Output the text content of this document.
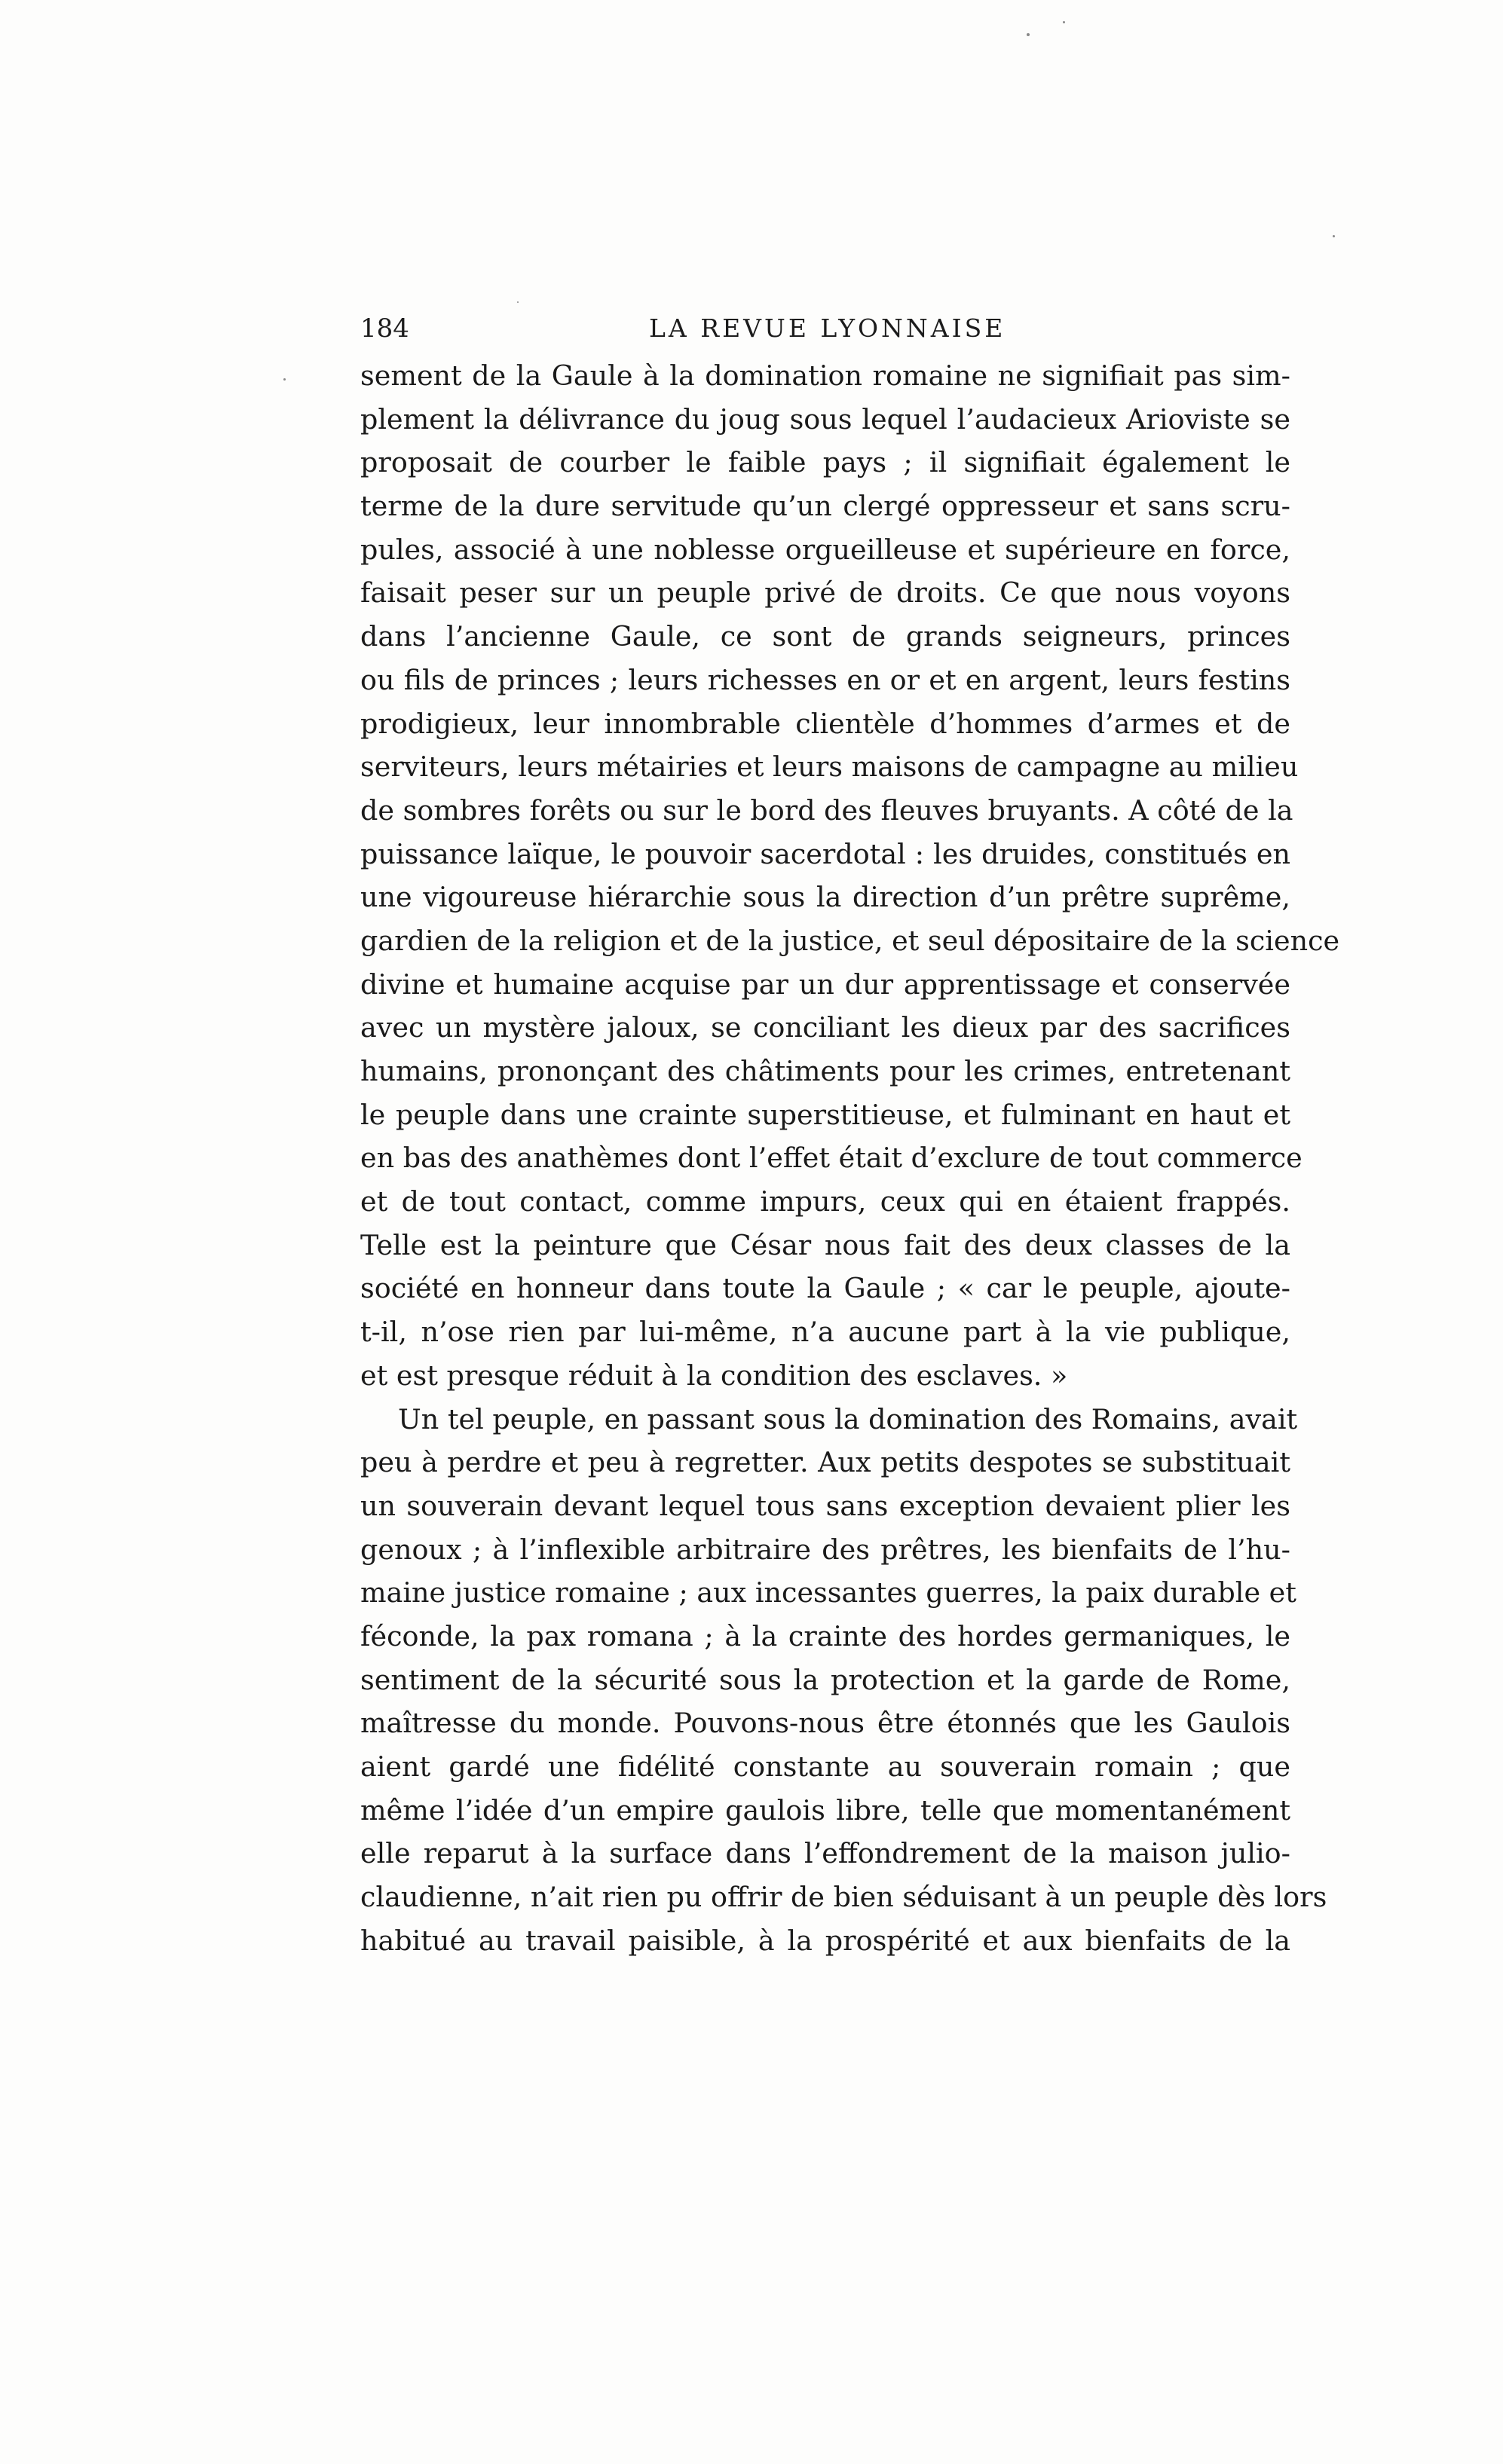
184	LA REVUE LYONNAISE
sement de la Gaule à la domination romaine ne signifiait pas sim-
plement la délivrance du joug sous lequel l’audacieux Arioviste se
proposait de courber le faible pays ; il signifiait également le
terme de la dure servitude qu’un clergé oppresseur et sans scru-
pules, associé à une noblesse orgueilleuse et supérieure en force,
faisait peser sur un peuple privé de droits. Ce que nous voyons
dans l’ancienne Gaule, ce sont de grands seigneurs, princes
ou fils de princes ; leurs richesses en or et en argent, leurs festins
prodigieux, leur innombrable clientèle d’hommes d’armes et de
serviteurs, leurs métairies et leurs maisons de campagne au milieu
de sombres forêts ou sur le bord des fleuves bruyants. A côté de la
puissance laïque, le pouvoir sacerdotal : les druides, constitués en
une vigoureuse hiérarchie sous la direction d’un prêtre suprême,
gardien de la religion et de la justice, et seul dépositaire de la science
divine et humaine acquise par un dur apprentissage et conservée
avec un mystère jaloux, se conciliant les dieux par des sacrifices
humains, prononçant des châtiments pour les crimes, entretenant
le peuple dans une crainte superstitieuse, et fulminant en haut et
en bas des anathèmes dont l’effet était d’exclure de tout commerce
et de tout contact, comme impurs, ceux qui en étaient frappés.
Telle est la peinture que César nous fait des deux classes de la
société en honneur dans toute la Gaule ; « car le peuple, ajoute-
t-il, n’ose rien par lui-même, n’a aucune part à la vie publique,
et est presque réduit à la condition des esclaves. »
Un tel peuple, en passant sous la domination des Romains, avait
peu à perdre et peu à regretter. Aux petits despotes se substituait
un souverain devant lequel tous sans exception devaient plier les
genoux ; à l’inflexible arbitraire des prêtres, les bienfaits de l’hu-
maine justice romaine ; aux incessantes guerres, la paix durable et
féconde, la pax romana ; à la crainte des hordes germaniques, le
sentiment de la sécurité sous la protection et la garde de Rome,
maîtresse du monde. Pouvons-nous être étonnés que les Gaulois
aient gardé une fidélité constante au souverain romain ; que
même l’idée d’un empire gaulois libre, telle que momentanément
elle reparut à la surface dans l’effondrement de la maison julio-
claudienne, n’ait rien pu offrir de bien séduisant à un peuple dès lors
habitué au travail paisible, à la prospérité et aux bienfaits de la
